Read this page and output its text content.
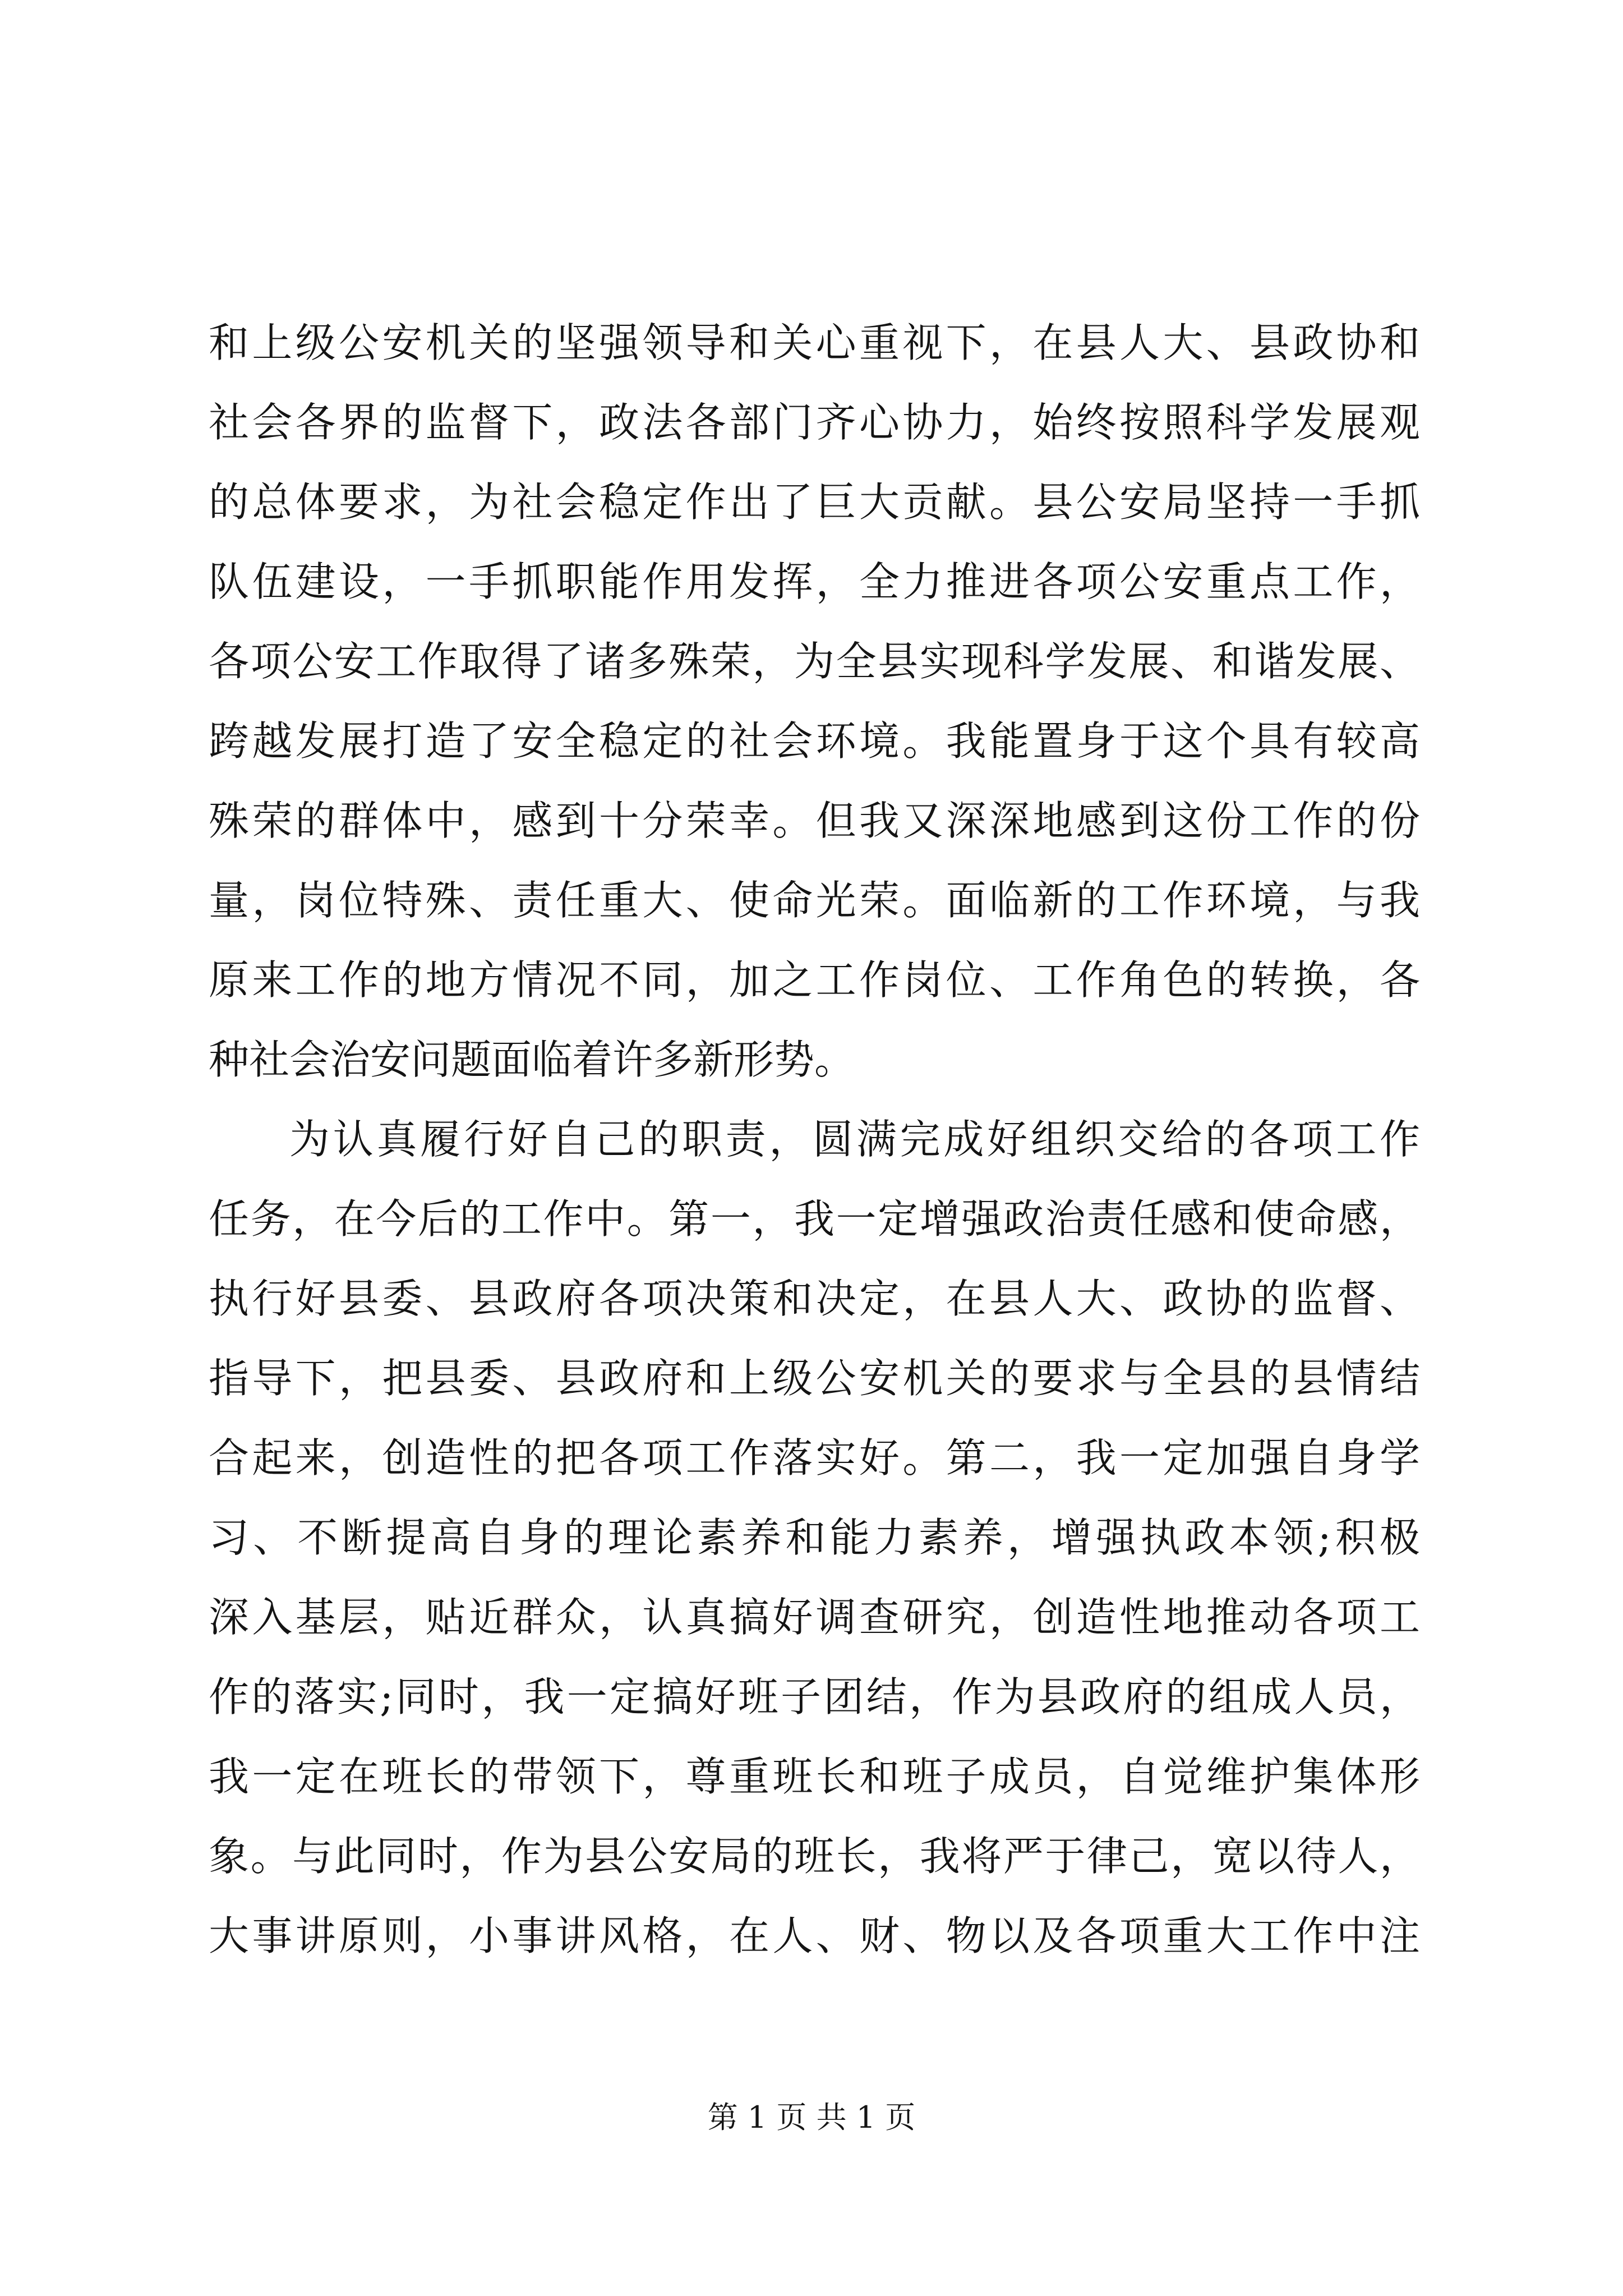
和上级公安机关的坚强领导和关心重视下，在县人大、县政协和
社会各界的监督下，政法各部门齐心协力，始终按照科学发展观
的总体要求，为社会稳定作出了巨大贡献。县公安局坚持一手抓
队伍建设，一手抓职能作用发挥，全力推进各项公安重点工作，
各项公安工作取得了诸多殊荣，为全县实现科学发展、和谐发展、
跨越发展打造了安全稳定的社会环境。我能置身于这个具有较高
殊荣的群体中，感到十分荣幸。但我又深深地感到这份工作的份
量，岗位特殊、责任重大、使命光荣。面临新的工作环境，与我
原来工作的地方情况不同，加之工作岗位、工作角色的转换，各
种社会治安问题面临着许多新形势。
为认真履行好自己的职责，圆满完成好组织交给的各项工作
任务，在今后的工作中。第一，我一定增强政治责任感和使命感，
执行好县委、县政府各项决策和决定，在县人大、政协的监督、
指导下，把县委、县政府和上级公安机关的要求与全县的县情结
合起来，创造性的把各项工作落实好。第二，我一定加强自身学
习、不断提高自身的理论素养和能力素养，增强执政本领;积极
深入基层，贴近群众，认真搞好调查研究，创造性地推动各项工
作的落实;同时，我一定搞好班子团结，作为县政府的组成人员，
我一定在班长的带领下，尊重班长和班子成员，自觉维护集体形
象。与此同时，作为县公安局的班长，我将严于律己，宽以待人，
大事讲原则，小事讲风格，在人、财、物以及各项重大工作中注
第 1 页 共 1 页
